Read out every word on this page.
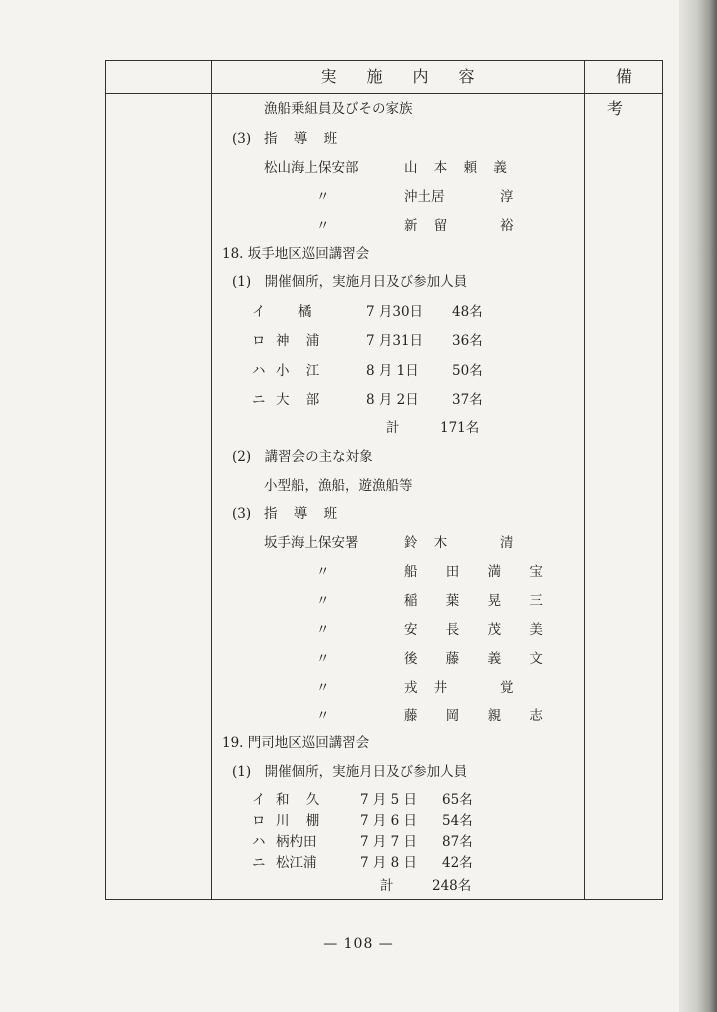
実施内容	備考
漁船乗組員及びその家族
(3) 指 導 班
松山海上保安部	山 本 頼 義
〃	沖土居	淳
〃	新 留	裕
18. 坂手地区巡回講習会
(1)　開催個所，実施月日及び参加人員
イ 橘	7 月30日 48名
ロ 神 浦	7 月31日 36名
ハ 小 江	8 月 1日 50名
ニ 大 部	8 月 2日 37名
計	171名
(2)　講習会の主な対象
小型船，漁船，遊漁船等
(3) 指 導 班
坂手海上保安署	鈴 木	清
〃	船 田 満 宝
〃	稲 葉 晃 三
〃	安 長 茂 美
〃	後 藤 義 文
〃	戎 井	覚
〃	藤 岡 親 志
19. 門司地区巡回講習会
(1)　開催個所，実施月日及び参加人員
イ 和 久	7 月 5 日 65名
ロ 川 棚	7 月 6 日 54名
ハ 柄杓田	7 月 7 日 87名
ニ 松江浦	7 月 8 日 42名
計	248名
— 108 —
